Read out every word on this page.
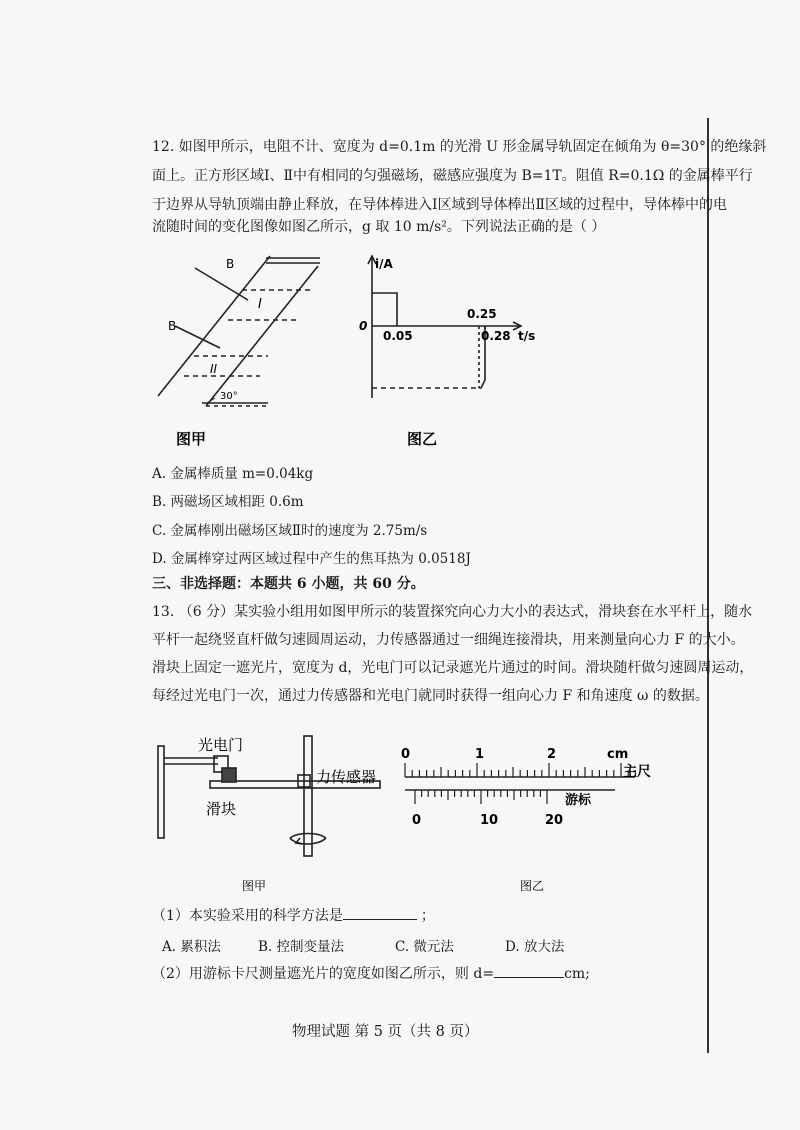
12. 如图甲所示，电阻不计、宽度为 d=0.1m 的光滑 U 形金属导轨固定在倾角为 θ=30° 的绝缘斜
面上。正方形区域Ⅰ、Ⅱ中有相同的匀强磁场，磁感应强度为 B=1T。阻值 R=0.1Ω 的金属棒平行
于边界从导轨顶端由静止释放，在导体棒进入Ⅰ区域到导体棒出Ⅱ区域的过程中，导体棒中的电
流随时间的变化图像如图乙所示，g 取 10 m/s²。下列说法正确的是（ ）
B
B
I
II
30°
图甲
i/A
t/s
0
0.05
0.25
0.28
图乙
A. 金属棒质量 m=0.04kg
B. 两磁场区域相距 0.6m
C. 金属棒刚出磁场区域Ⅱ时的速度为 2.75m/s
D. 金属棒穿过两区域过程中产生的焦耳热为 0.0518J
三、非选择题：本题共 6 小题，共 60 分。
13. （6 分）某实验小组用如图甲所示的装置探究向心力大小的表达式，滑块套在水平杆上，随水
平杆一起绕竖直杆做匀速圆周运动，力传感器通过一细绳连接滑块，用来测量向心力 F 的大小。
滑块上固定一遮光片，宽度为 d，光电门可以记录遮光片通过的时间。滑块随杆做匀速圆周运动，
每经过光电门一次，通过力传感器和光电门就同时获得一组向心力 F 和角速度 ω 的数据。
光电门
力传感器
滑块
图甲
0	1	2	cm
主尺
游标
0	10	20
图乙
（1）本实验采用的科学方法是	；
A. 累积法	B. 控制变量法	C. 微元法	D. 放大法
（2）用游标卡尺测量遮光片的宽度如图乙所示，则 d=	cm;
物理试题 第 5 页（共 8 页）
